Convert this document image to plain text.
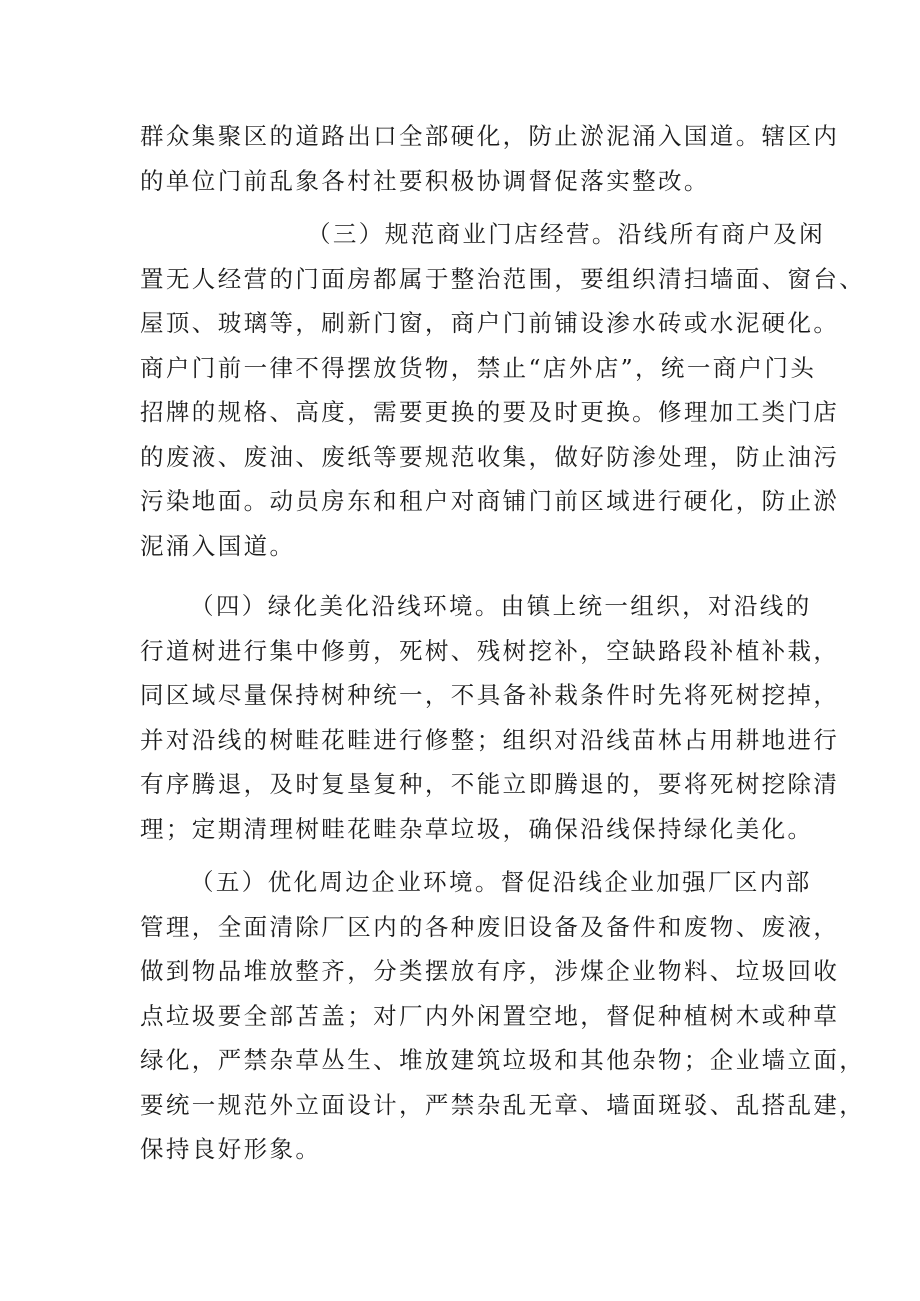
群众集聚区的道路出口全部硬化，防止淤泥涌入国道。辖区内
的单位门前乱象各村社要积极协调督促落实整改。
（三）规范商业门店经营。沿线所有商户及闲
置无人经营的门面房都属于整治范围，要组织清扫墙面、窗台、
屋顶、玻璃等，刷新门窗，商户门前铺设渗水砖或水泥硬化。
商户门前一律不得摆放货物，禁止“店外店”，统一商户门头
招牌的规格、高度，需要更换的要及时更换。修理加工类门店
的废液、废油、废纸等要规范收集，做好防渗处理，防止油污
污染地面。动员房东和租户对商铺门前区域进行硬化，防止淤
泥涌入国道。
（四）绿化美化沿线环境。由镇上统一组织，对沿线的
行道树进行集中修剪，死树、残树挖补，空缺路段补植补栽，
同区域尽量保持树种统一，不具备补栽条件时先将死树挖掉，
并对沿线的树畦花畦进行修整；组织对沿线苗林占用耕地进行
有序腾退，及时复垦复种，不能立即腾退的，要将死树挖除清
理；定期清理树畦花畦杂草垃圾，确保沿线保持绿化美化。
（五）优化周边企业环境。督促沿线企业加强厂区内部
管理，全面清除厂区内的各种废旧设备及备件和废物、废液，
做到物品堆放整齐，分类摆放有序，涉煤企业物料、垃圾回收
点垃圾要全部苫盖；对厂内外闲置空地，督促种植树木或种草
绿化，严禁杂草丛生、堆放建筑垃圾和其他杂物；企业墙立面，
要统一规范外立面设计，严禁杂乱无章、墙面斑驳、乱搭乱建，
保持良好形象。
